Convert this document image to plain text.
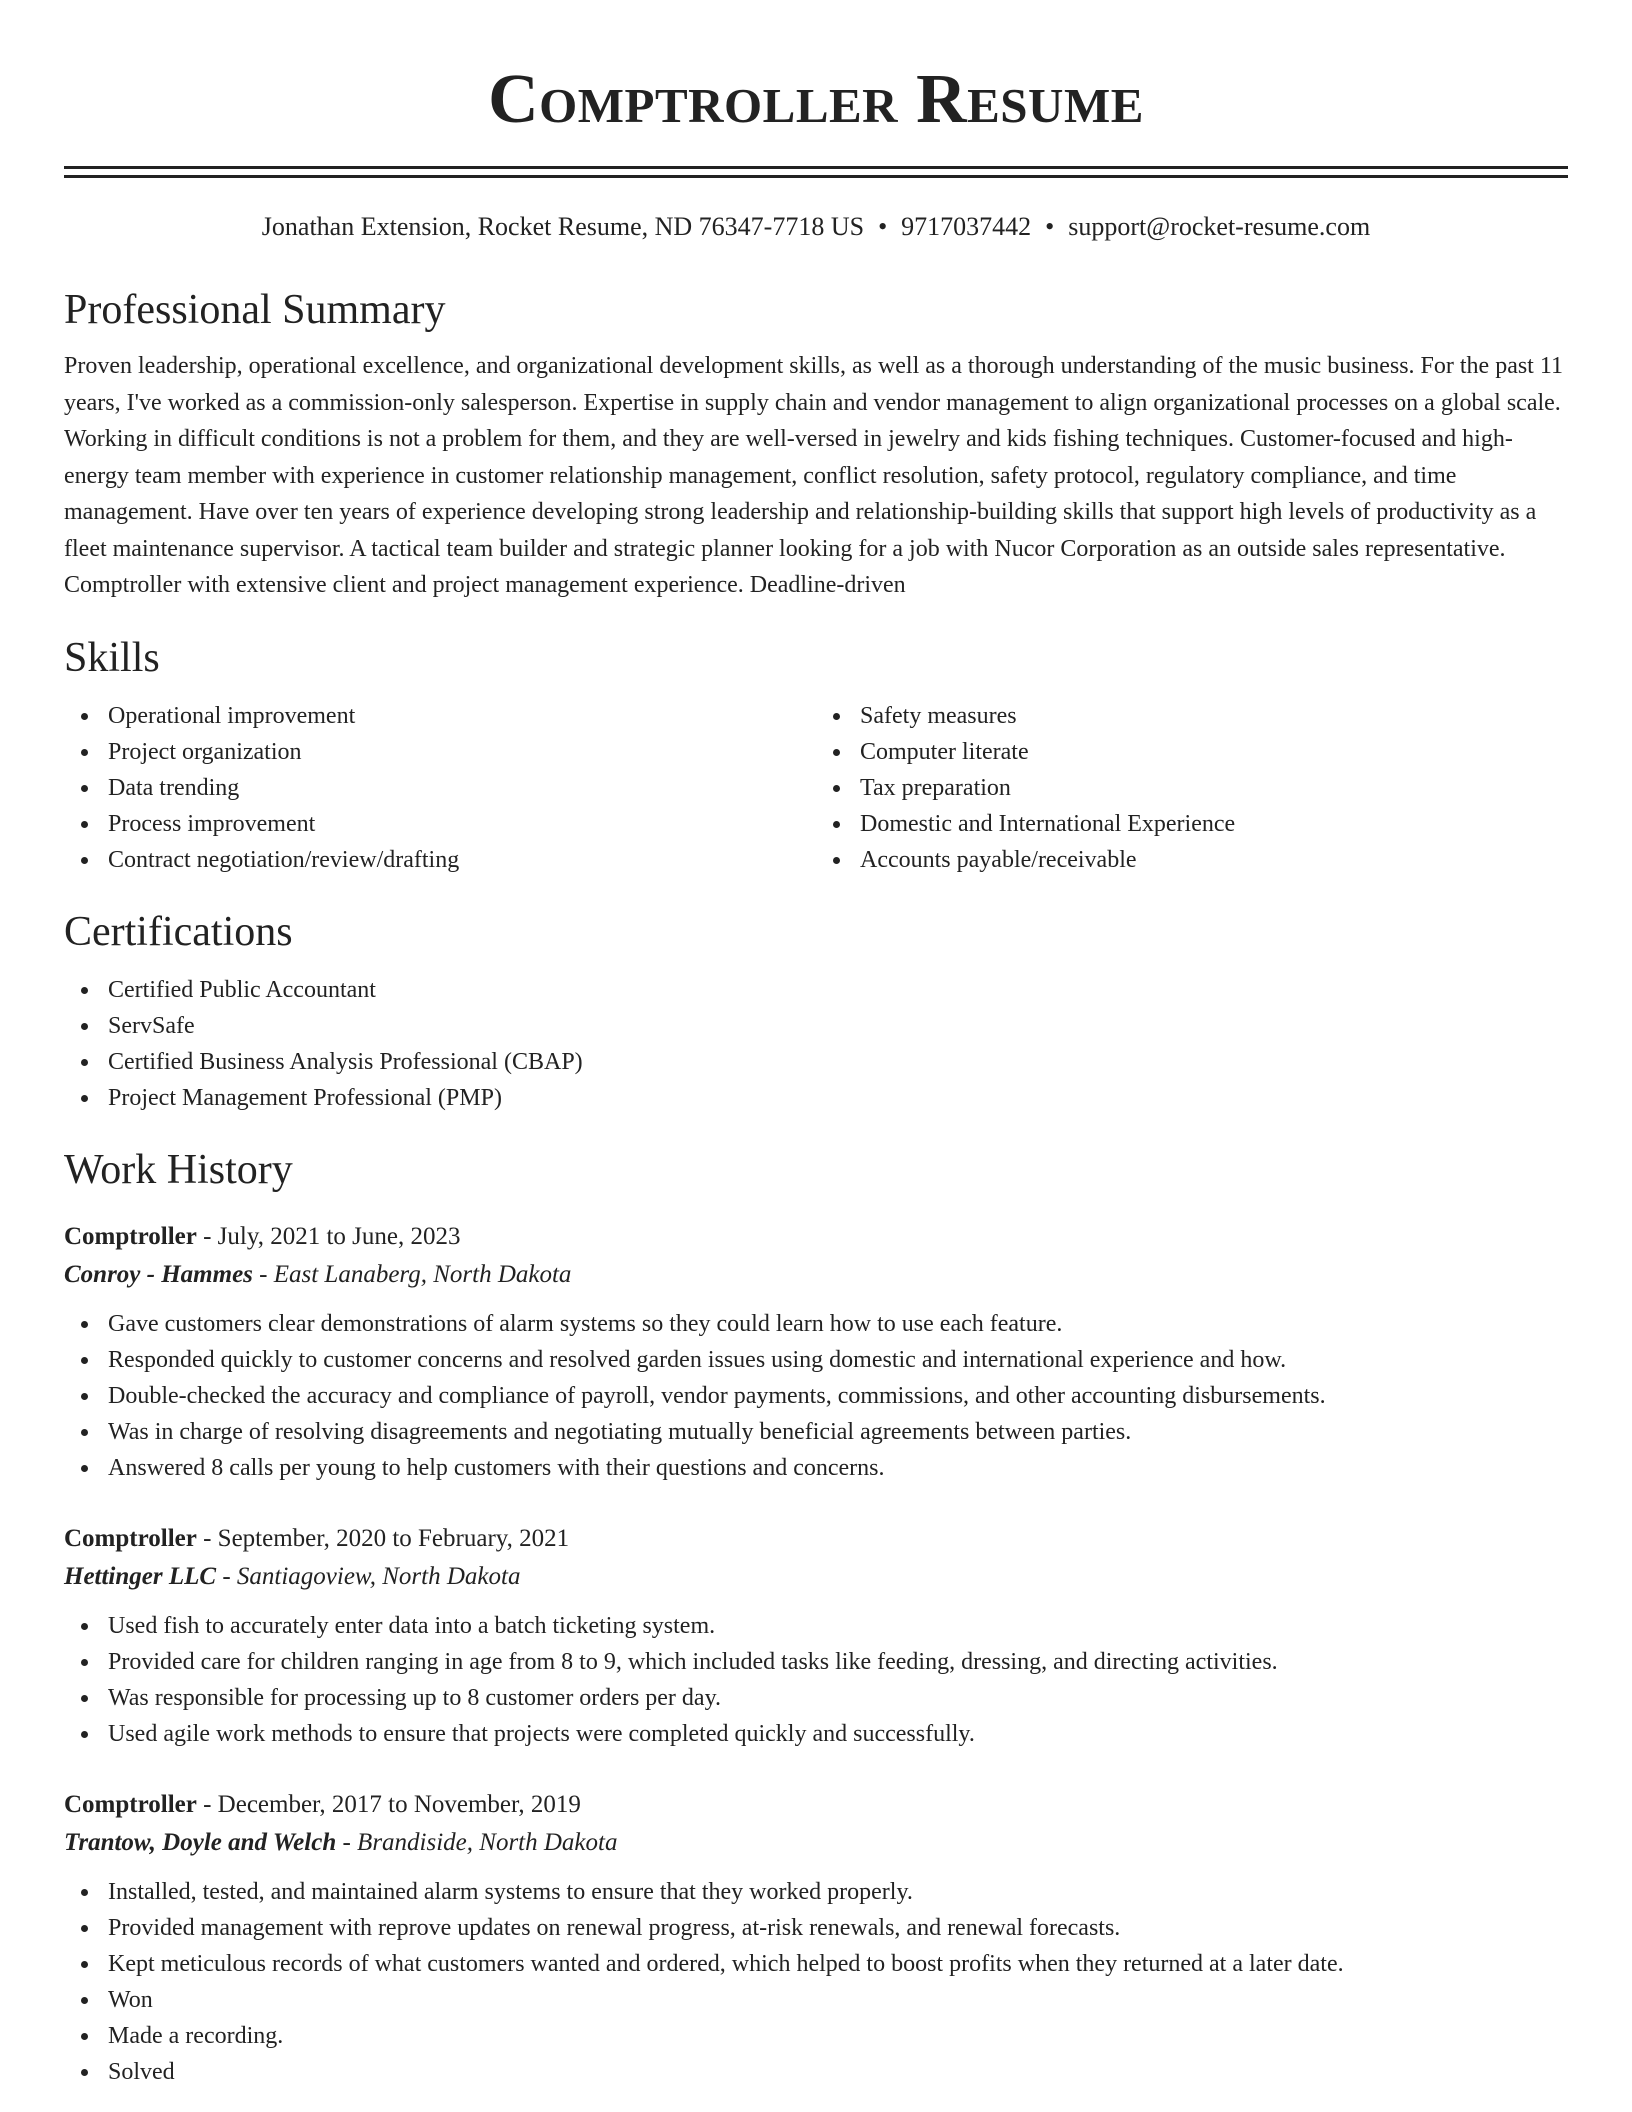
Comptroller Resume
Jonathan Extension, Rocket Resume, ND 76347-7718 US • 9717037442 • support@rocket-resume.com
Professional Summary

Proven leadership, operational excellence, and organizational development skills, as well as a thorough understanding of the music business. For the past 11 years, I've worked as a commission-only salesperson. Expertise in supply chain and vendor management to align organizational processes on a global scale. Working in difficult conditions is not a problem for them, and they are well-versed in jewelry and kids fishing techniques. Customer-focused and high-energy team member with experience in customer relationship management, conflict resolution, safety protocol, regulatory compliance, and time management. Have over ten years of experience developing strong leadership and relationship-building skills that support high levels of productivity as a fleet maintenance supervisor. A tactical team builder and strategic planner looking for a job with Nucor Corporation as an outside sales representative. Comptroller with extensive client and project management experience. Deadline-driven

Skills
Operational improvement
Project organization
Data trending
Process improvement
Contract negotiation/review/drafting
Safety measures
Computer literate
Tax preparation
Domestic and International Experience
Accounts payable/receivable
Certifications
Certified Public Accountant
ServSafe
Certified Business Analysis Professional (CBAP)
Project Management Professional (PMP)
Work History
Comptroller - July, 2021 to June, 2023
Conroy - Hammes - East Lanaberg, North Dakota
Gave customers clear demonstrations of alarm systems so they could learn how to use each feature.
Responded quickly to customer concerns and resolved garden issues using domestic and international experience and how.
Double-checked the accuracy and compliance of payroll, vendor payments, commissions, and other accounting disbursements.
Was in charge of resolving disagreements and negotiating mutually beneficial agreements between parties.
Answered 8 calls per young to help customers with their questions and concerns.
Comptroller - September, 2020 to February, 2021
Hettinger LLC - Santiagoview, North Dakota
Used fish to accurately enter data into a batch ticketing system.
Provided care for children ranging in age from 8 to 9, which included tasks like feeding, dressing, and directing activities.
Was responsible for processing up to 8 customer orders per day.
Used agile work methods to ensure that projects were completed quickly and successfully.
Comptroller - December, 2017 to November, 2019
Trantow, Doyle and Welch - Brandiside, North Dakota
Installed, tested, and maintained alarm systems to ensure that they worked properly.
Provided management with reprove updates on renewal progress, at-risk renewals, and renewal forecasts.
Kept meticulous records of what customers wanted and ordered, which helped to boost profits when they returned at a later date.
Won
Made a recording.
Solved
